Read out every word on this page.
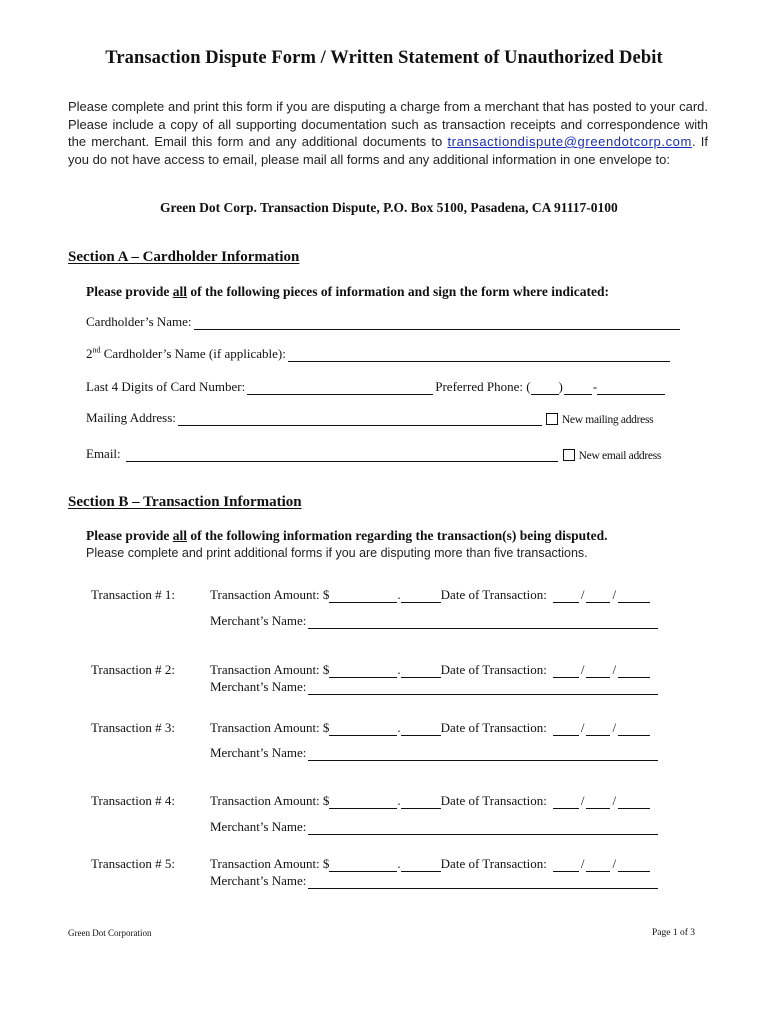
Transaction Dispute Form / Written Statement of Unauthorized Debit
Please complete and print this form if you are disputing a charge from a merchant that has posted to your card. Please include a copy of all supporting documentation such as transaction receipts and correspondence with the merchant. Email this form and any additional documents to transactiondispute@greendotcorp.com. If you do not have access to email, please mail all forms and any additional information in one envelope to:
Green Dot Corp. Transaction Dispute, P.O. Box 5100, Pasadena, CA 91117-0100
Section A – Cardholder Information
Please provide all of the following pieces of information and sign the form where indicated:
Cardholder’s Name:
2nd Cardholder’s Name (if applicable):
Last 4 Digits of Card Number:	Preferred Phone: ( ) -
Mailing Address:	New mailing address
Email:	New email address
Section B – Transaction Information
Please provide all of the following information regarding the transaction(s) being disputed.
Please complete and print additional forms if you are disputing more than five transactions.
Transaction # 1:	Transaction Amount: $	.	Date of Transaction:	/ /
Merchant’s Name:
Transaction # 2:	Transaction Amount: $	.	Date of Transaction:	/ /
Merchant’s Name:
Transaction # 3:	Transaction Amount: $	.	Date of Transaction:	/ /
Merchant’s Name:
Transaction # 4:	Transaction Amount: $	.	Date of Transaction:	/ /
Merchant’s Name:
Transaction # 5:	Transaction Amount: $	.	Date of Transaction:	/ /
Merchant’s Name:
Green Dot Corporation	Page 1 of 3
